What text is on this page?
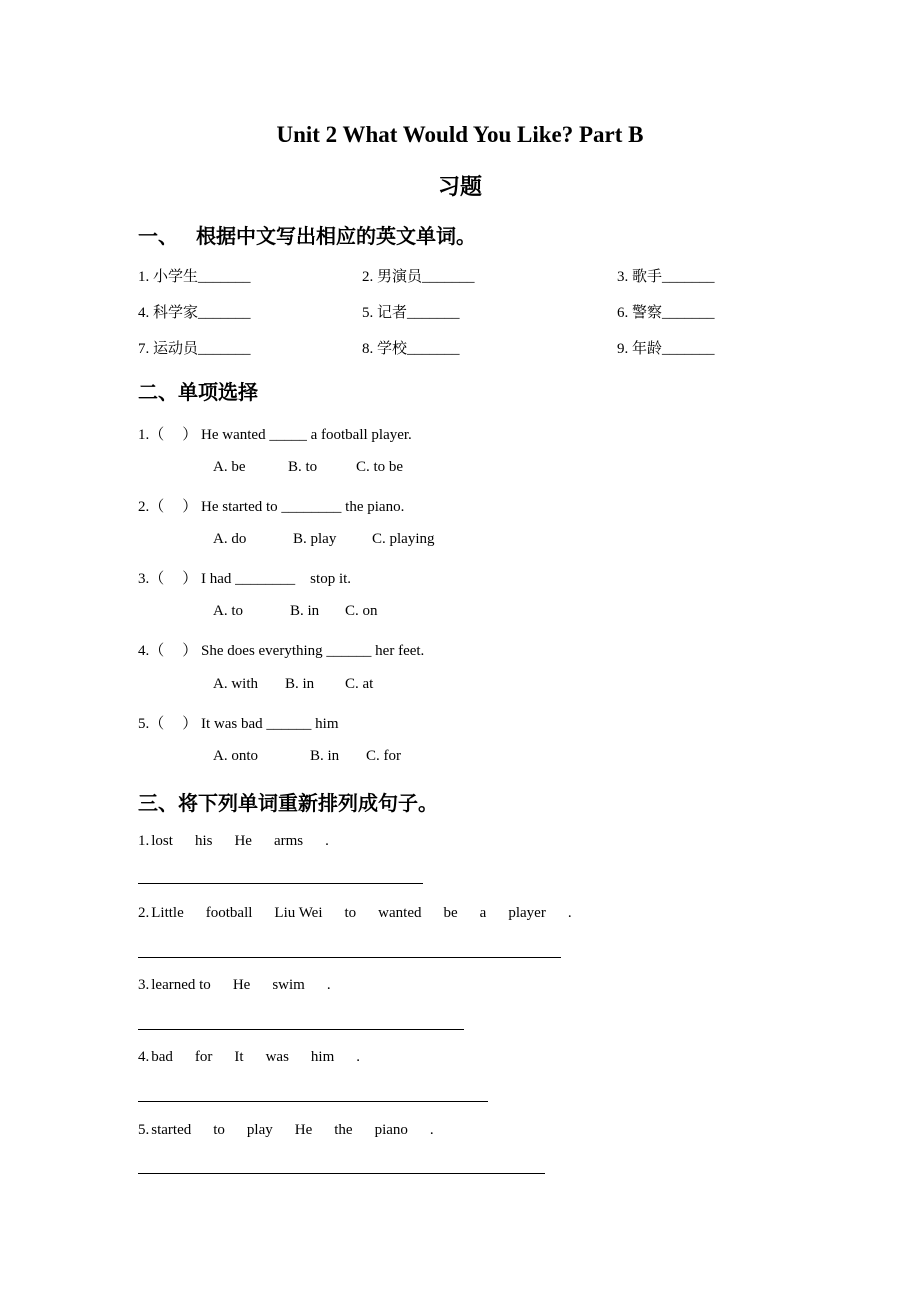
Unit 2 What Would You Like? Part B
习题
一、 根据中文写出相应的英文单词。
1. 小学生_______	2. 男演员_______	3. 歌手_______
4. 科学家_______	5. 记者_______	6. 警察_______
7. 运动员_______	8. 学校_______	9. 年龄_______
二、单项选择
1.（ ） He wanted _____ a football player.
A. be	B. to	C. to be
2.（ ） He started to ________ the piano.
A. do	B. play C. playing
3.（ ） I had ________    stop it.
A. to	B. in C. on
4.（ ） She does everything ______ her feet.
A. with B. in C. at
5.（ ） It was bad ______ him
A. onto	B. in C. for
三、将下列单词重新排列成句子。
1. lost his He arms .
2. Little football Liu Wei to wanted be a player .
3. learned to He swim .
4. bad for It was him .
5. started to play He the piano .
